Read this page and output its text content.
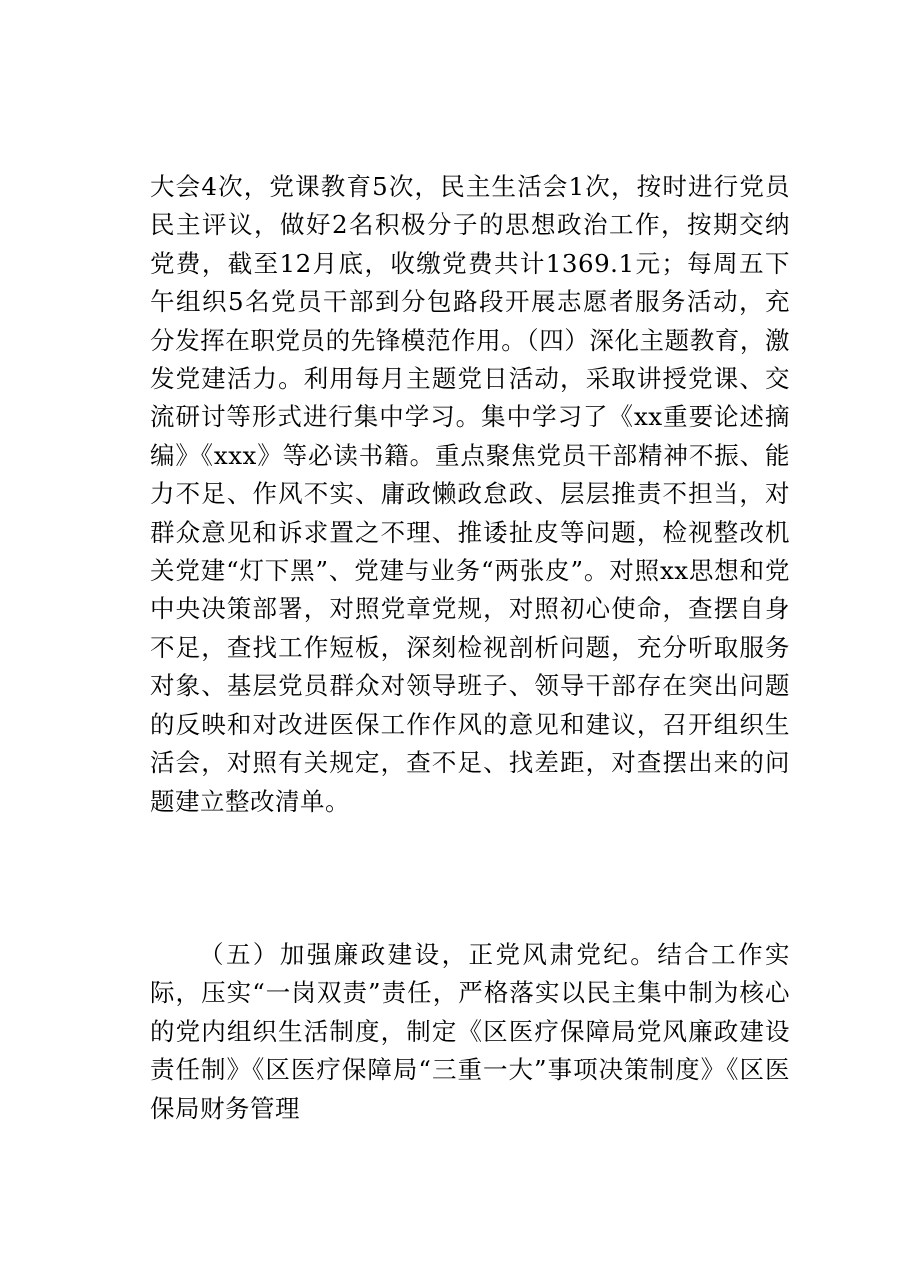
大会4次，党课教育5次，民主生活会1次，按时进行党员民主评议，做好2名积极分子的思想政治工作，按期交纳党费，截至12月底，收缴党费共计1369.1元；每周五下午组织5名党员干部到分包路段开展志愿者服务活动，充分发挥在职党员的先锋模范作用。（四）深化主题教育，激发党建活力。利用每月主题党日活动，采取讲授党课、交流研讨等形式进行集中学习。集中学习了《xx重要论述摘编》《xxx》等必读书籍。重点聚焦党员干部精神不振、能力不足、作风不实、庸政懒政怠政、层层推责不担当，对群众意见和诉求置之不理、推诿扯皮等问题，检视整改机关党建“灯下黑”、党建与业务“两张皮”。对照xx思想和党中央决策部署，对照党章党规，对照初心使命，查摆自身不足，查找工作短板，深刻检视剖析问题，充分听取服务对象、基层党员群众对领导班子、领导干部存在突出问题的反映和对改进医保工作作风的意见和建议，召开组织生活会，对照有关规定，查不足、找差距，对查摆出来的问题建立整改清单。

（五）加强廉政建设，正党风肃党纪。结合工作实际，压实“一岗双责”责任，严格落实以民主集中制为核心的党内组织生活制度，制定《区医疗保障局党风廉政建设责任制》《区医疗保障局“三重一大”事项决策制度》《区医保局财务管理
